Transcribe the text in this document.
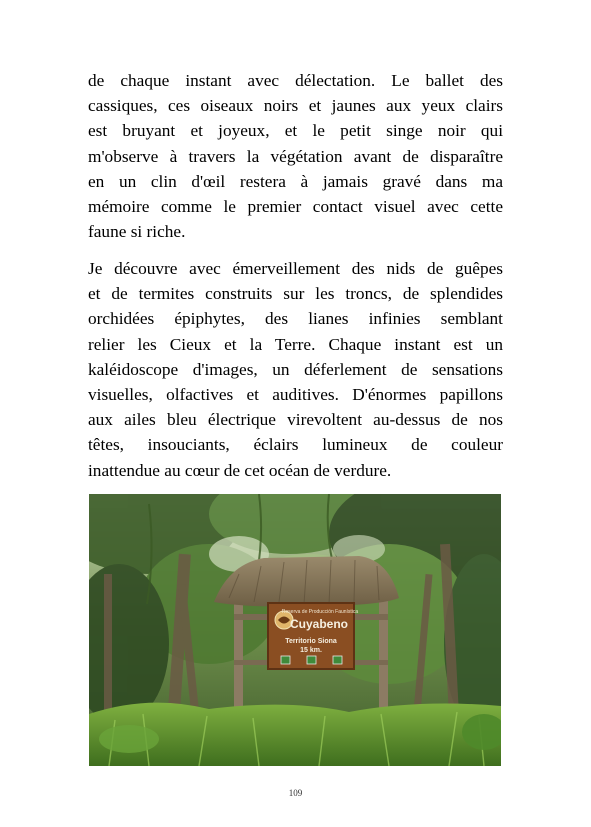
de chaque instant avec délectation. Le ballet des
cassiques, ces oiseaux noirs et jaunes aux yeux clairs
est bruyant et joyeux, et le petit singe noir qui
m'observe à travers la végétation avant de disparaître
en un clin d'œil restera à jamais gravé dans ma
mémoire comme le premier contact visuel avec cette
faune si riche.
Je découvre avec émerveillement des nids de guêpes
et de termites construits sur les troncs, de splendides
orchidées épiphytes, des lianes infinies semblant
relier les Cieux et la Terre. Chaque instant est un
kaléidoscope d'images, un déferlement de sensations
visuelles, olfactives et auditives. D'énormes papillons
aux ailes bleu électrique virevoltent au-dessus de nos
têtes, insouciants, éclairs lumineux de couleur
inattendue au cœur de cet océan de verdure.
Reserva de Producción Faunística
Cuyabeno
Territorio Siona
15 km.
109
